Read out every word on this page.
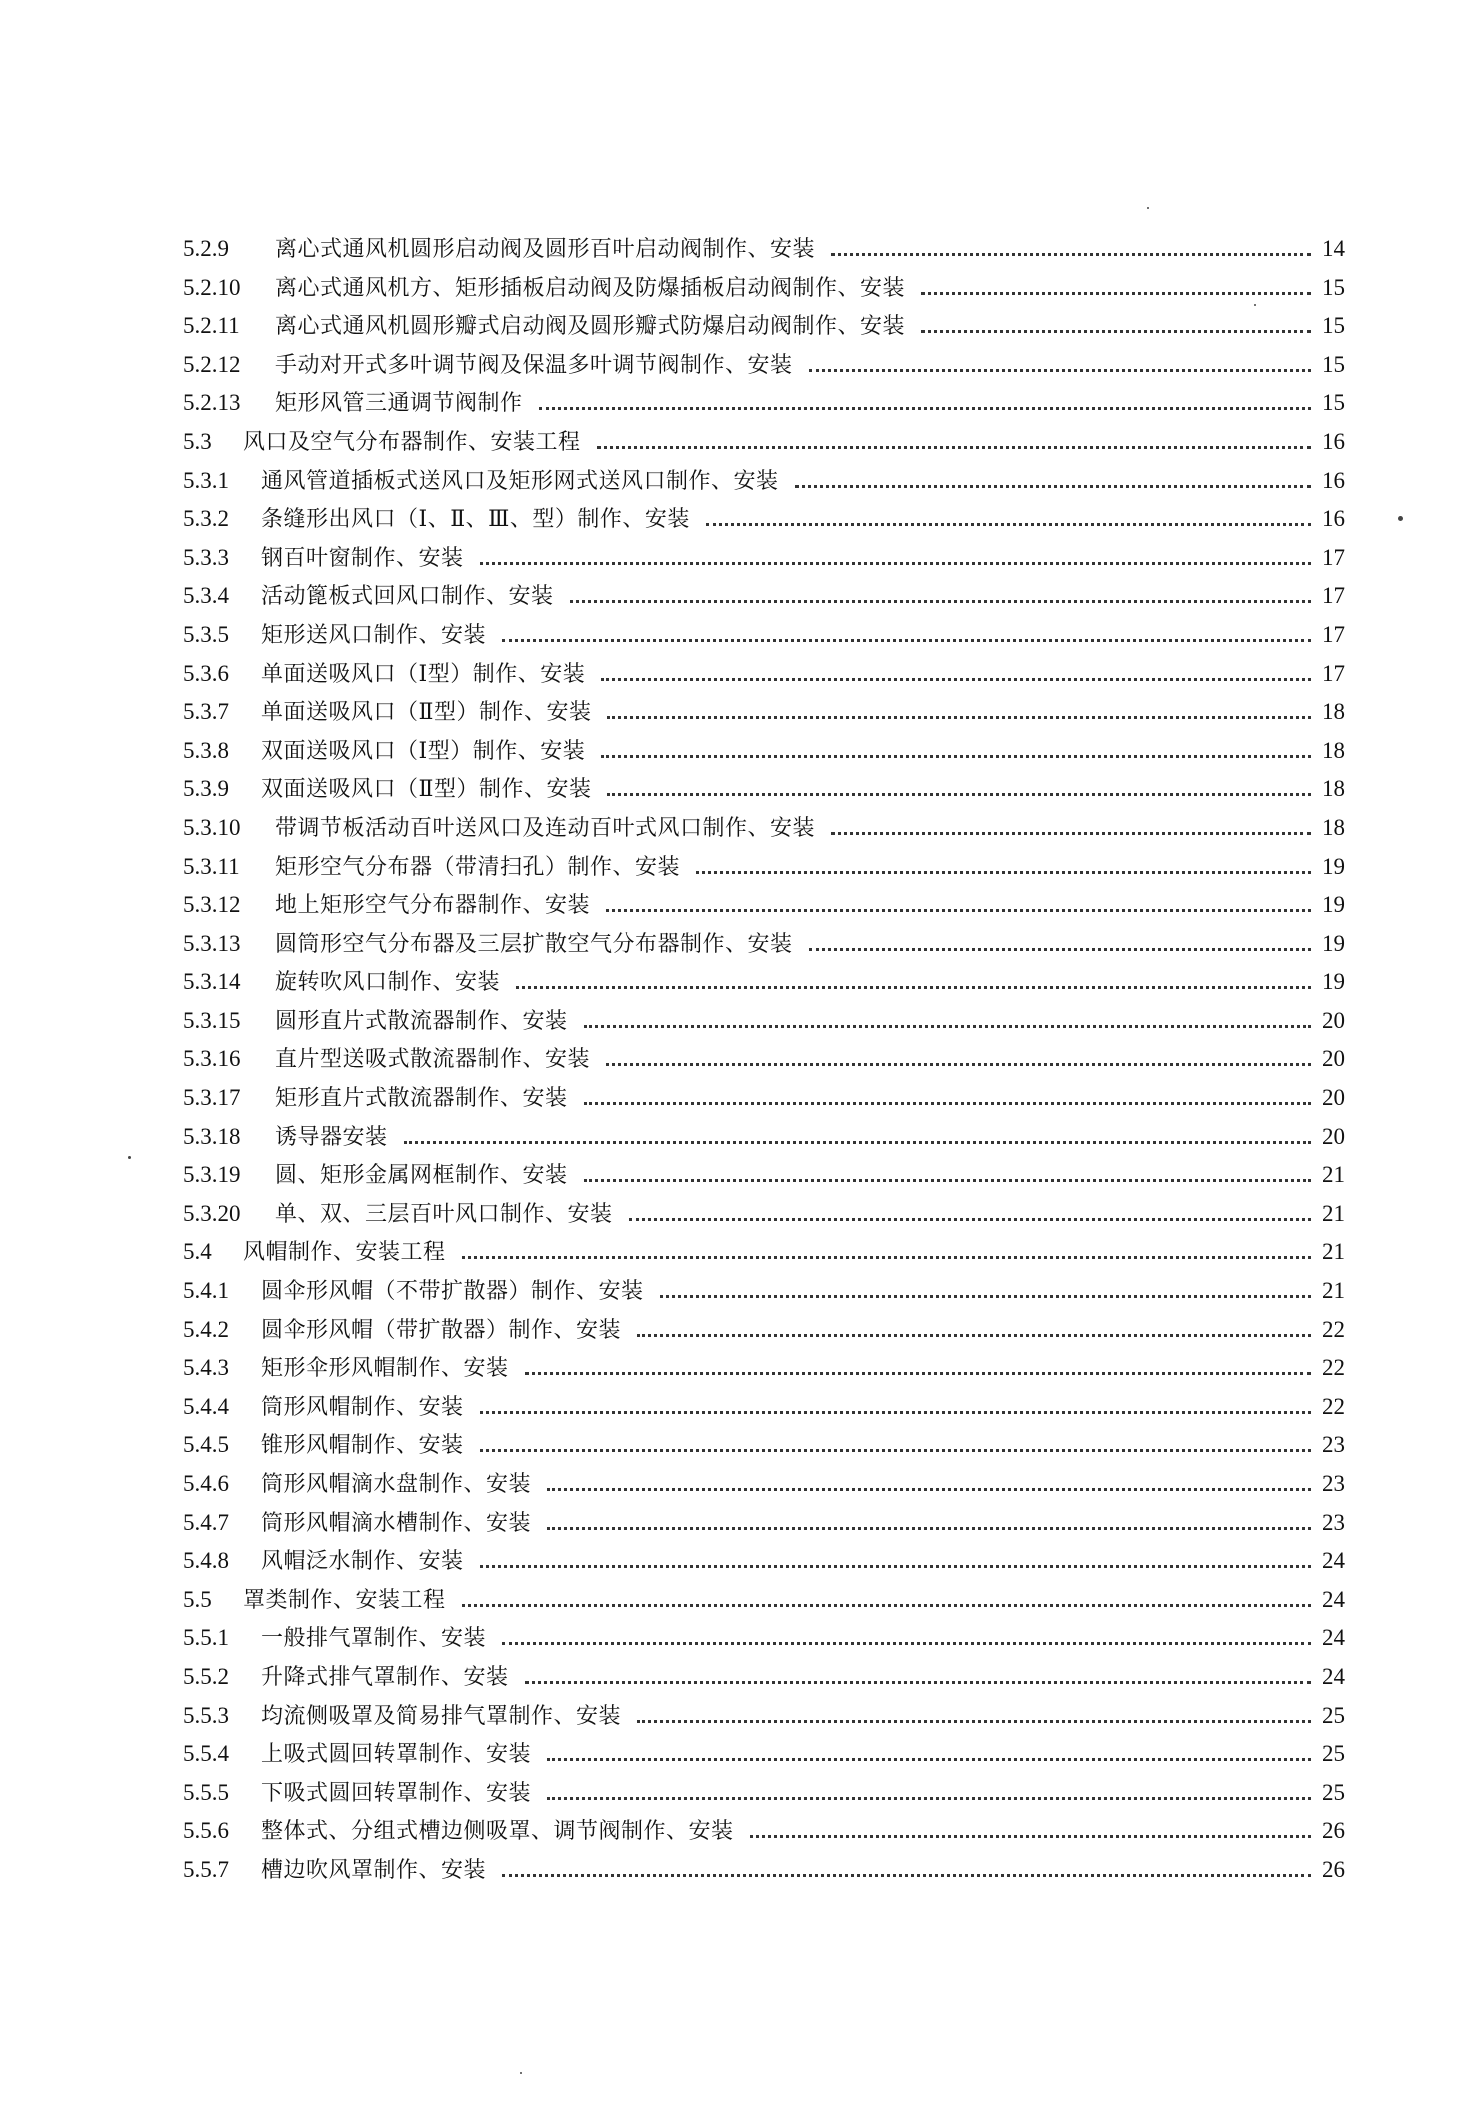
5.2.9	离心式通风机圆形启动阀及圆形百叶启动阀制作、安装	14
5.2.10	离心式通风机方、矩形插板启动阀及防爆插板启动阀制作、安装	15
5.2.11	离心式通风机圆形瓣式启动阀及圆形瓣式防爆启动阀制作、安装	15
5.2.12	手动对开式多叶调节阀及保温多叶调节阀制作、安装	15
5.2.13	矩形风管三通调节阀制作	15
5.3	风口及空气分布器制作、安装工程	16
5.3.1	通风管道插板式送风口及矩形网式送风口制作、安装	16
5.3.2	条缝形出风口（Ⅰ、Ⅱ、Ⅲ、型）制作、安装	16
5.3.3	钢百叶窗制作、安装	17
5.3.4	活动篦板式回风口制作、安装	17
5.3.5	矩形送风口制作、安装	17
5.3.6	单面送吸风口（Ⅰ型）制作、安装	17
5.3.7	单面送吸风口（Ⅱ型）制作、安装	18
5.3.8	双面送吸风口（Ⅰ型）制作、安装	18
5.3.9	双面送吸风口（Ⅱ型）制作、安装	18
5.3.10	带调节板活动百叶送风口及连动百叶式风口制作、安装	18
5.3.11	矩形空气分布器（带清扫孔）制作、安装	19
5.3.12	地上矩形空气分布器制作、安装	19
5.3.13	圆筒形空气分布器及三层扩散空气分布器制作、安装	19
5.3.14	旋转吹风口制作、安装	19
5.3.15	圆形直片式散流器制作、安装	20
5.3.16	直片型送吸式散流器制作、安装	20
5.3.17	矩形直片式散流器制作、安装	20
5.3.18	诱导器安装	20
5.3.19	圆、矩形金属网框制作、安装	21
5.3.20	单、双、三层百叶风口制作、安装	21
5.4	风帽制作、安装工程	21
5.4.1	圆伞形风帽（不带扩散器）制作、安装	21
5.4.2	圆伞形风帽（带扩散器）制作、安装	22
5.4.3	矩形伞形风帽制作、安装	22
5.4.4	筒形风帽制作、安装	22
5.4.5	锥形风帽制作、安装	23
5.4.6	筒形风帽滴水盘制作、安装	23
5.4.7	筒形风帽滴水槽制作、安装	23
5.4.8	风帽泛水制作、安装	24
5.5	罩类制作、安装工程	24
5.5.1	一般排气罩制作、安装	24
5.5.2	升降式排气罩制作、安装	24
5.5.3	均流侧吸罩及简易排气罩制作、安装	25
5.5.4	上吸式圆回转罩制作、安装	25
5.5.5	下吸式圆回转罩制作、安装	25
5.5.6	整体式、分组式槽边侧吸罩、调节阀制作、安装	26
5.5.7	槽边吹风罩制作、安装	26
